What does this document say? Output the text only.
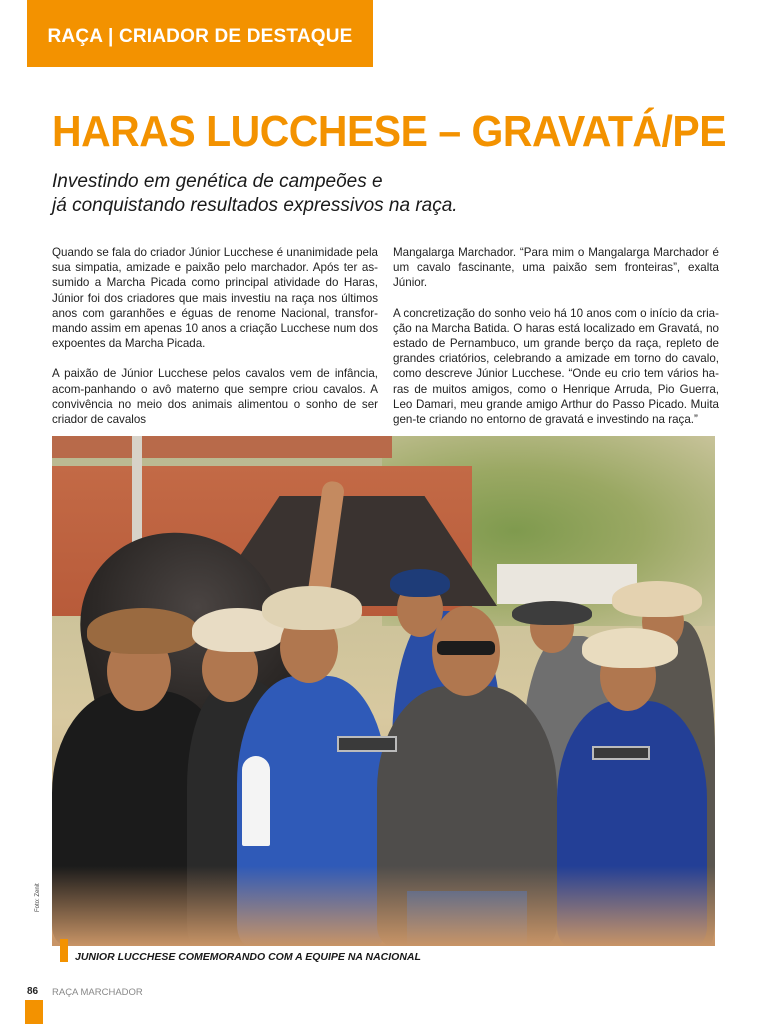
RAÇA | CRIADOR DE DESTAQUE
HARAS LUCCHESE – GRAVATÁ/PE
Investindo em genética de campeões e
já conquistando resultados expressivos na raça.

Quando se fala do criador Júnior Lucchese é unanimidade pela sua simpatia, amizade e paixão pelo marchador. Após ter as-sumido a Marcha Picada como principal atividade do Haras, Júnior foi dos criadores que mais investiu na raça nos últimos anos com garanhões e éguas de renome Nacional, transfor-mando assim em apenas 10 anos a criação Lucchese num dos expoentes da Marcha Picada.

A paixão de Júnior Lucchese pelos cavalos vem de infância, acom-panhando o avô materno que sempre criou cavalos. A convivência no meio dos animais alimentou o sonho de ser criador de cavalos

Mangalarga Marchador. “Para mim o Mangalarga Marchador é um cavalo fascinante, uma paixão sem fronteiras”, exalta Júnior.

A concretização do sonho veio há 10 anos com o início da cria-ção na Marcha Batida. O haras está localizado em Gravatá, no estado de Pernambuco, um grande berço da raça, repleto de grandes criatórios, celebrando a amizade em torno do cavalo, como descreve Júnior Lucchese. “Onde eu crio tem vários ha-ras de muitos amigos, como o Henrique Arruda, Pio Guerra, Leo Damari, meu grande amigo Arthur do Passo Picado. Muita gen-te criando no entorno de gravatá e investindo na raça.”

Foto: Zenit
JUNIOR LUCCHESE COMEMORANDO COM A EQUIPE NA NACIONAL
86 RAÇA MARCHADOR
